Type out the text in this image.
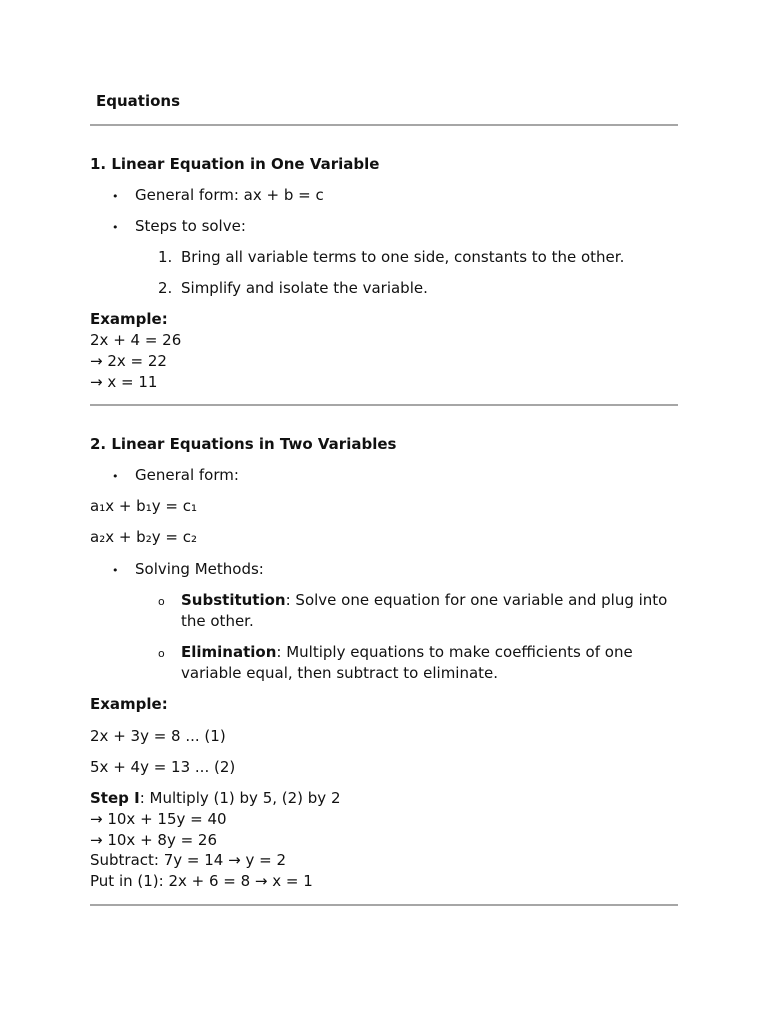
Equations
1. Linear Equation in One Variable
• General form: ax + b = c
• Steps to solve:
1. Bring all variable terms to one side, constants to the other.
2. Simplify and isolate the variable.
Example:
2x + 4 = 26
→ 2x = 22
→ x = 11
2. Linear Equations in Two Variables
• General form:
a₁x + b₁y = c₁
a₂x + b₂y = c₂
• Solving Methods:
o Substitution: Solve one equation for one variable and plug into the other.
o Elimination: Multiply equations to make coefficients of one variable equal, then subtract to eliminate.
Example:
2x + 3y = 8 ... (1)
5x + 4y = 13 ... (2)
Step I: Multiply (1) by 5, (2) by 2
→ 10x + 15y = 40
→ 10x + 8y = 26
Subtract: 7y = 14 → y = 2
Put in (1): 2x + 6 = 8 → x = 1
